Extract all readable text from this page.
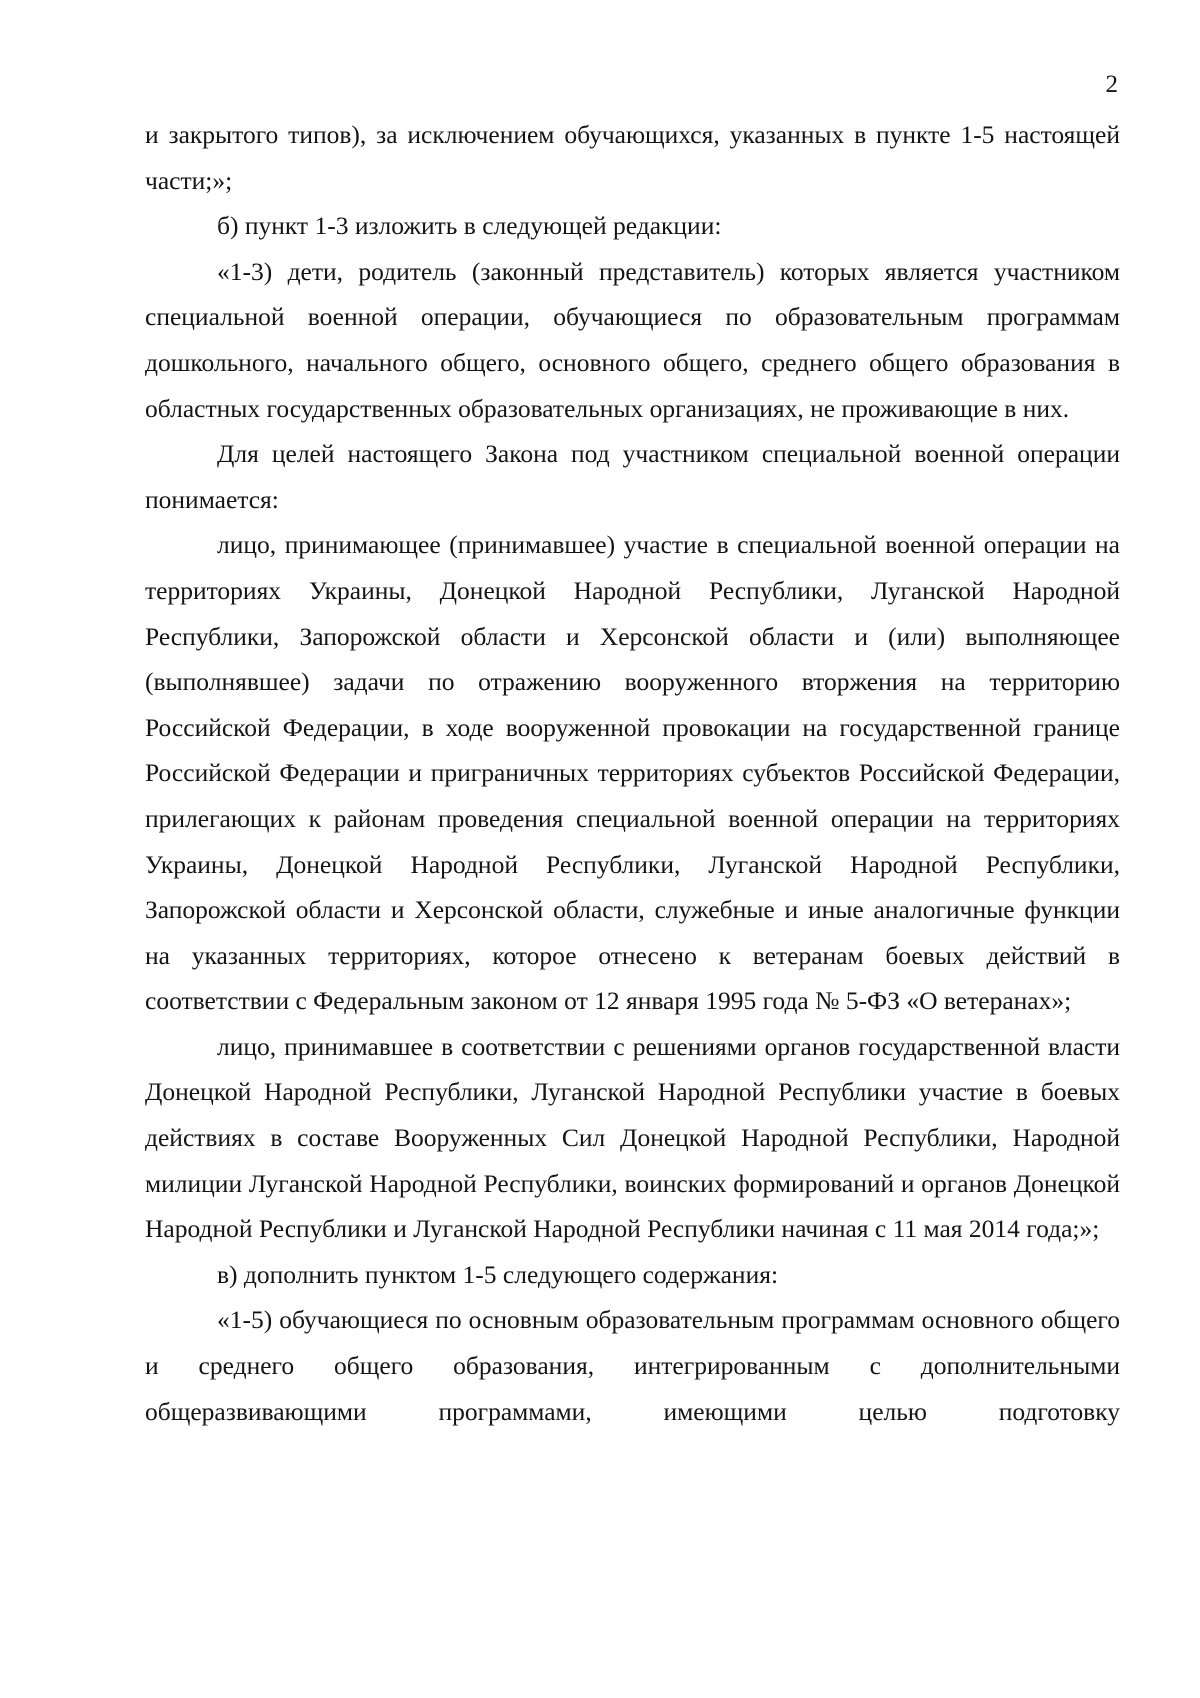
2

и закрытого типов), за исключением обучающихся, указанных в пункте 1-5 настоящей части;»;

б) пункт 1-3 изложить в следующей редакции:

«1-3) дети, родитель (законный представитель) которых является участником специальной военной операции, обучающиеся по образовательным программам дошкольного, начального общего, основного общего, среднего общего образования в областных государственных образовательных организациях, не проживающие в них.

Для целей настоящего Закона под участником специальной военной операции понимается:

лицо, принимающее (принимавшее) участие в специальной военной операции на территориях Украины, Донецкой Народной Республики, Луганской Народной Республики, Запорожской области и Херсонской области и (или) выполняющее (выполнявшее) задачи по отражению вооруженного вторжения на территорию Российской Федерации, в ходе вооруженной провокации на государственной границе Российской Федерации и приграничных территориях субъектов Российской Федерации, прилегающих к районам проведения специальной военной операции на территориях Украины, Донецкой Народной Республики, Луганской Народной Республики, Запорожской области и Херсонской области, служебные и иные аналогичные функции на указанных территориях, которое отнесено к ветеранам боевых действий в соответствии с Федеральным законом от 12 января 1995 года № 5-ФЗ «О ветеранах»;

лицо, принимавшее в соответствии с решениями органов государственной власти Донецкой Народной Республики, Луганской Народной Республики участие в боевых действиях в составе Вооруженных Сил Донецкой Народной Республики, Народной милиции Луганской Народной Республики, воинских формирований и органов Донецкой Народной Республики и Луганской Народной Республики начиная с 11 мая 2014 года;»;

в) дополнить пунктом 1-5 следующего содержания:

«1-5) обучающиеся по основным образовательным программам основного общего и среднего общего образования, интегрированным с дополнительными общеразвивающими программами, имеющими целью подготовку
